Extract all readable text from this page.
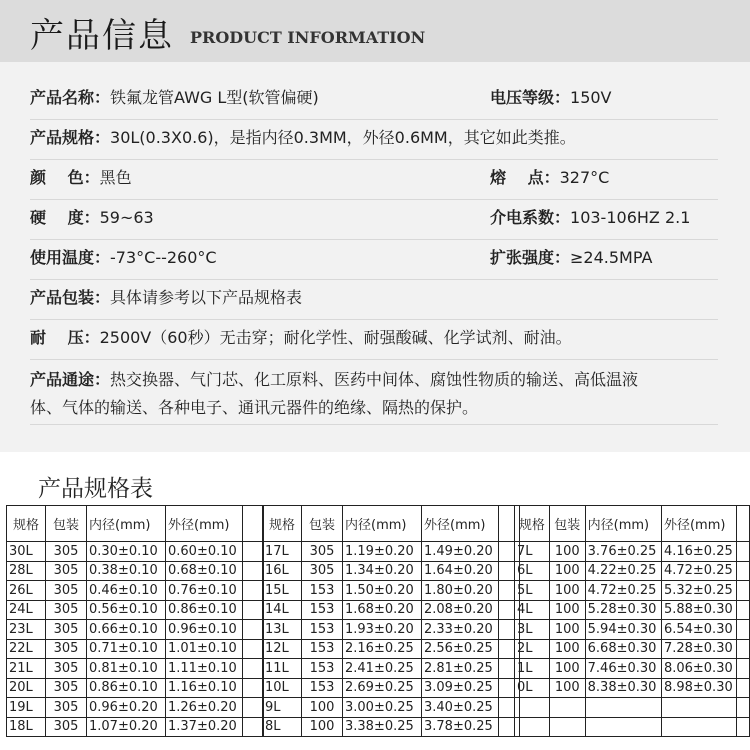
产品信息 PRODUCT INFORMATION
产品名称：铁氟龙管AWG L型(软管偏硬)	电压等级：150V
产品规格：30L(0.3X0.6)，是指内径0.3MM，外径0.6MM，其它如此类推。
颜　 色：黑色	熔　 点：327°C
硬　 度：59~63	介电系数：103-106HZ 2.1
使用温度：-73°C--260°C	扩张强度：≥24.5MPA
产品包装：具体请参考以下产品规格表
耐　 压：2500V（60秒）无击穿；耐化学性、耐强酸碱、化学试剂、耐油。
产品通途：热交换器、气门芯、化工原料、医药中间体、腐蚀性物质的输送、高低温液
体、气体的输送、各种电子、通讯元器件的绝缘、隔热的保护。
产品规格表
规格	包装	内径(mm)	外径(mm)	
30L	305	0.30±0.10	0.60±0.10	
28L	305	0.38±0.10	0.68±0.10	
26L	305	0.46±0.10	0.76±0.10	
24L	305	0.56±0.10	0.86±0.10	
23L	305	0.66±0.10	0.96±0.10	
22L	305	0.71±0.10	1.01±0.10	
21L	305	0.81±0.10	1.11±0.10	
20L	305	0.86±0.10	1.16±0.10	
19L	305	0.96±0.20	1.26±0.20	
18L	305	1.07±0.20	1.37±0.20	
规格	包装	内径(mm)	外径(mm)	
17L	305	1.19±0.20	1.49±0.20	
16L	305	1.34±0.20	1.64±0.20	
15L	153	1.50±0.20	1.80±0.20	
14L	153	1.68±0.20	2.08±0.20	
13L	153	1.93±0.20	2.33±0.20	
12L	153	2.16±0.25	2.56±0.25	
11L	153	2.41±0.25	2.81±0.25	
10L	153	2.69±0.25	3.09±0.25	
9L	100	3.00±0.25	3.40±0.25	
8L	100	3.38±0.25	3.78±0.25	
规格	包装	内径(mm)	外径(mm)	
7L	100	3.76±0.25	4.16±0.25	
6L	100	4.22±0.25	4.72±0.25	
5L	100	4.72±0.25	5.32±0.25	
4L	100	5.28±0.30	5.88±0.30	
3L	100	5.94±0.30	6.54±0.30	
2L	100	6.68±0.30	7.28±0.30	
1L	100	7.46±0.30	8.06±0.30	
0L	100	8.38±0.30	8.98±0.30	
